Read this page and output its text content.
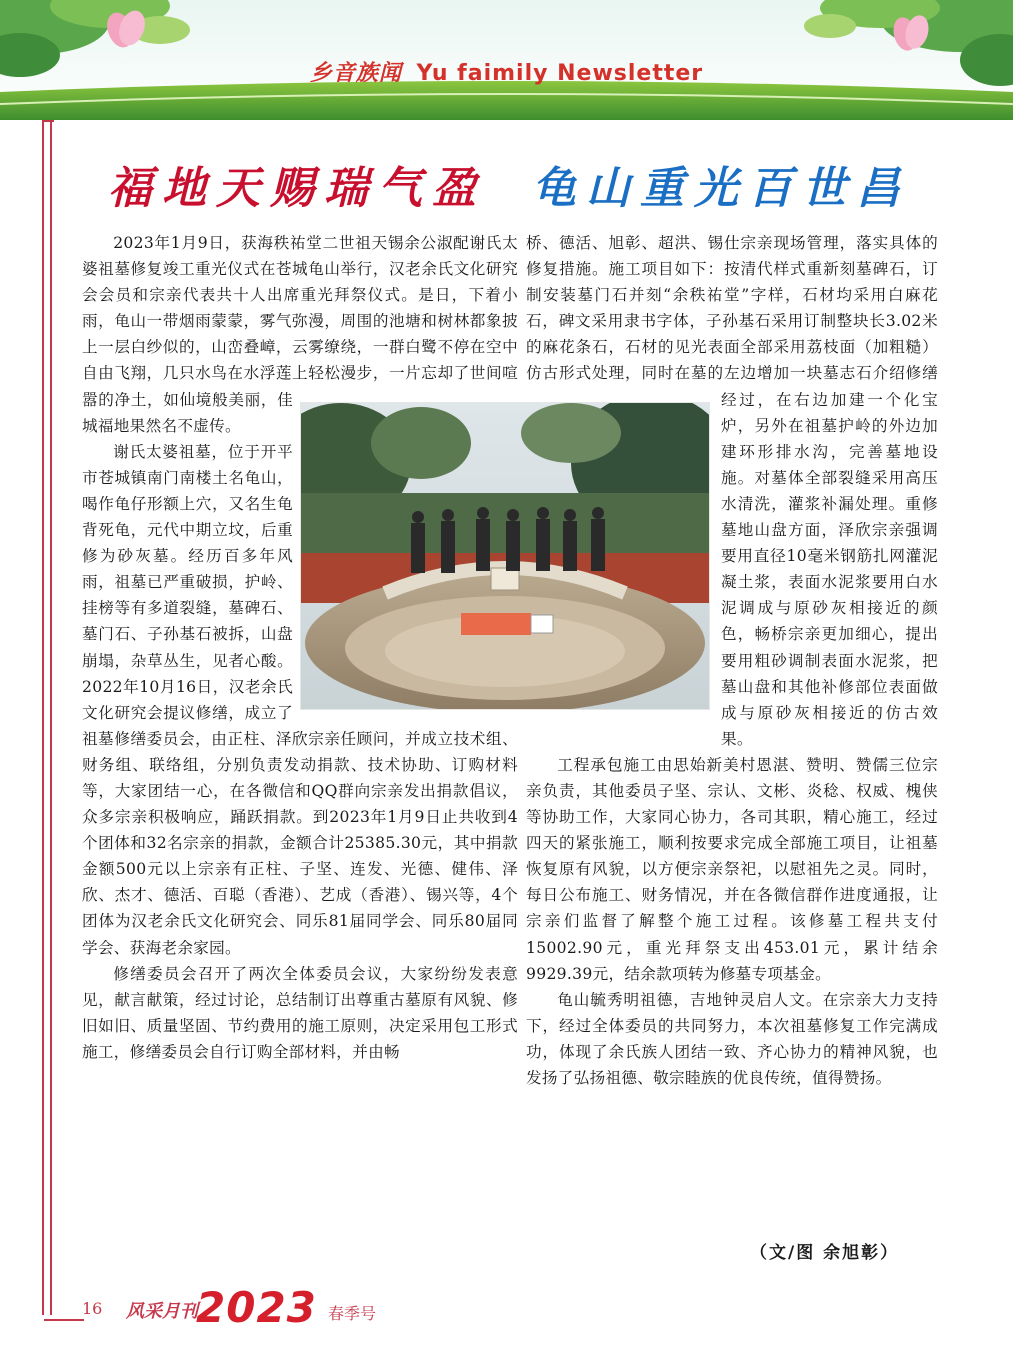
乡音族闻 Yu faimily Newsletter
福地天赐瑞气盈 龟山重光百世昌

2023年1月9日，获海秩祐堂二世祖天锡余公淑配谢氏太婆祖墓修复竣工重光仪式在苍城龟山举行，汉老余氏文化研究会会员和宗亲代表共十人出席重光拜祭仪式。是日，下着小雨，龟山一带烟雨蒙蒙，雾气弥漫，周围的池塘和树林都象披上一层白纱似的，山峦叠嶂，云雾缭绕，一群白鹭不停在空中自由飞翔，几只水鸟在水浮莲上轻松漫步，一片忘却了世间喧嚣的净土，如仙境般美丽，佳城福地果然名不虚传。

谢氏太婆祖墓，位于开平市苍城镇南门南楼土名龟山，喝作龟仔形额上穴，又名生龟背死龟，元代中期立坟，后重修为砂灰墓。经历百多年风雨，祖墓已严重破损，护岭、挂榜等有多道裂缝，墓碑石、墓门石、子孙基石被拆，山盘崩塌，杂草丛生，见者心酸。2022年10月16日，汉老余氏文化研究会提议修缮，成立了祖墓修缮委员会，由正柱、泽欣宗亲任顾问，并成立技术组、财务组、联络组，分别负责发动捐款、技术协助、订购材料等，大家团结一心，在各微信和QQ群向宗亲发出捐款倡议，众多宗亲积极响应，踊跃捐款。到2023年1月9日止共收到4个团体和32名宗亲的捐款，金额合计25385.30元，其中捐款金额500元以上宗亲有正柱、子坚、连发、光德、健伟、泽欣、杰才、德活、百聪（香港）、艺成（香港）、锡兴等，4个团体为汉老余氏文化研究会、同乐81届同学会、同乐80届同学会、获海老余家园。

修缮委员会召开了两次全体委员会议，大家纷纷发表意见，献言献策，经过讨论，总结制订出尊重古墓原有风貌、修旧如旧、质量坚固、节约费用的施工原则，决定采用包工形式施工，修缮委员会自行订购全部材料，并由畅

桥、德活、旭彰、超洪、锡仕宗亲现场管理，落实具体的修复措施。施工项目如下：按清代样式重新刻墓碑石，订制安装墓门石并刻“余秩祐堂”字样，石材均采用白麻花石，碑文采用隶书字体，子孙基石采用订制整块长3.02米的麻花条石，石材的见光表面全部采用荔枝面（加粗糙）仿古形式处理，同时在墓的左边增加一块墓志石介绍修缮经过，在右边加建一个化宝炉，另外在祖墓护岭的外边加建环形排水沟，完善墓地设施。对墓体全部裂缝采用高压水清洗，灌浆补漏处理。重修墓地山盘方面，泽欣宗亲强调要用直径10毫米钢筋扎网灌泥凝土浆，表面水泥浆要用白水泥调成与原砂灰相接近的颜色，畅桥宗亲更加细心，提出要用粗砂调制表面水泥浆，把墓山盘和其他补修部位表面做成与原砂灰相接近的仿古效果。

工程承包施工由思始新美村恩湛、赞明、赞儒三位宗亲负责，其他委员子坚、宗认、文彬、炎稔、权威、槐侠等协助工作，大家同心协力，各司其职，精心施工，经过四天的紧张施工，顺利按要求完成全部施工项目，让祖墓恢复原有风貌，以方便宗亲祭祀，以慰祖先之灵。同时，每日公布施工、财务情况，并在各微信群作进度通报，让宗亲们监督了解整个施工过程。该修墓工程共支付15002.90元，重光拜祭支出453.01元，累计结余9929.39元，结余款项转为修墓专项基金。

龟山毓秀明祖德，吉地钟灵启人文。在宗亲大力支持下，经过全体委员的共同努力，本次祖墓修复工作完满成功，体现了余氏族人团结一致、齐心协力的精神风貌，也发扬了弘扬祖德、敬宗睦族的优良传统，值得赞扬。

（文/图 余旭彰）
16 风采月刊
2023 春季号
